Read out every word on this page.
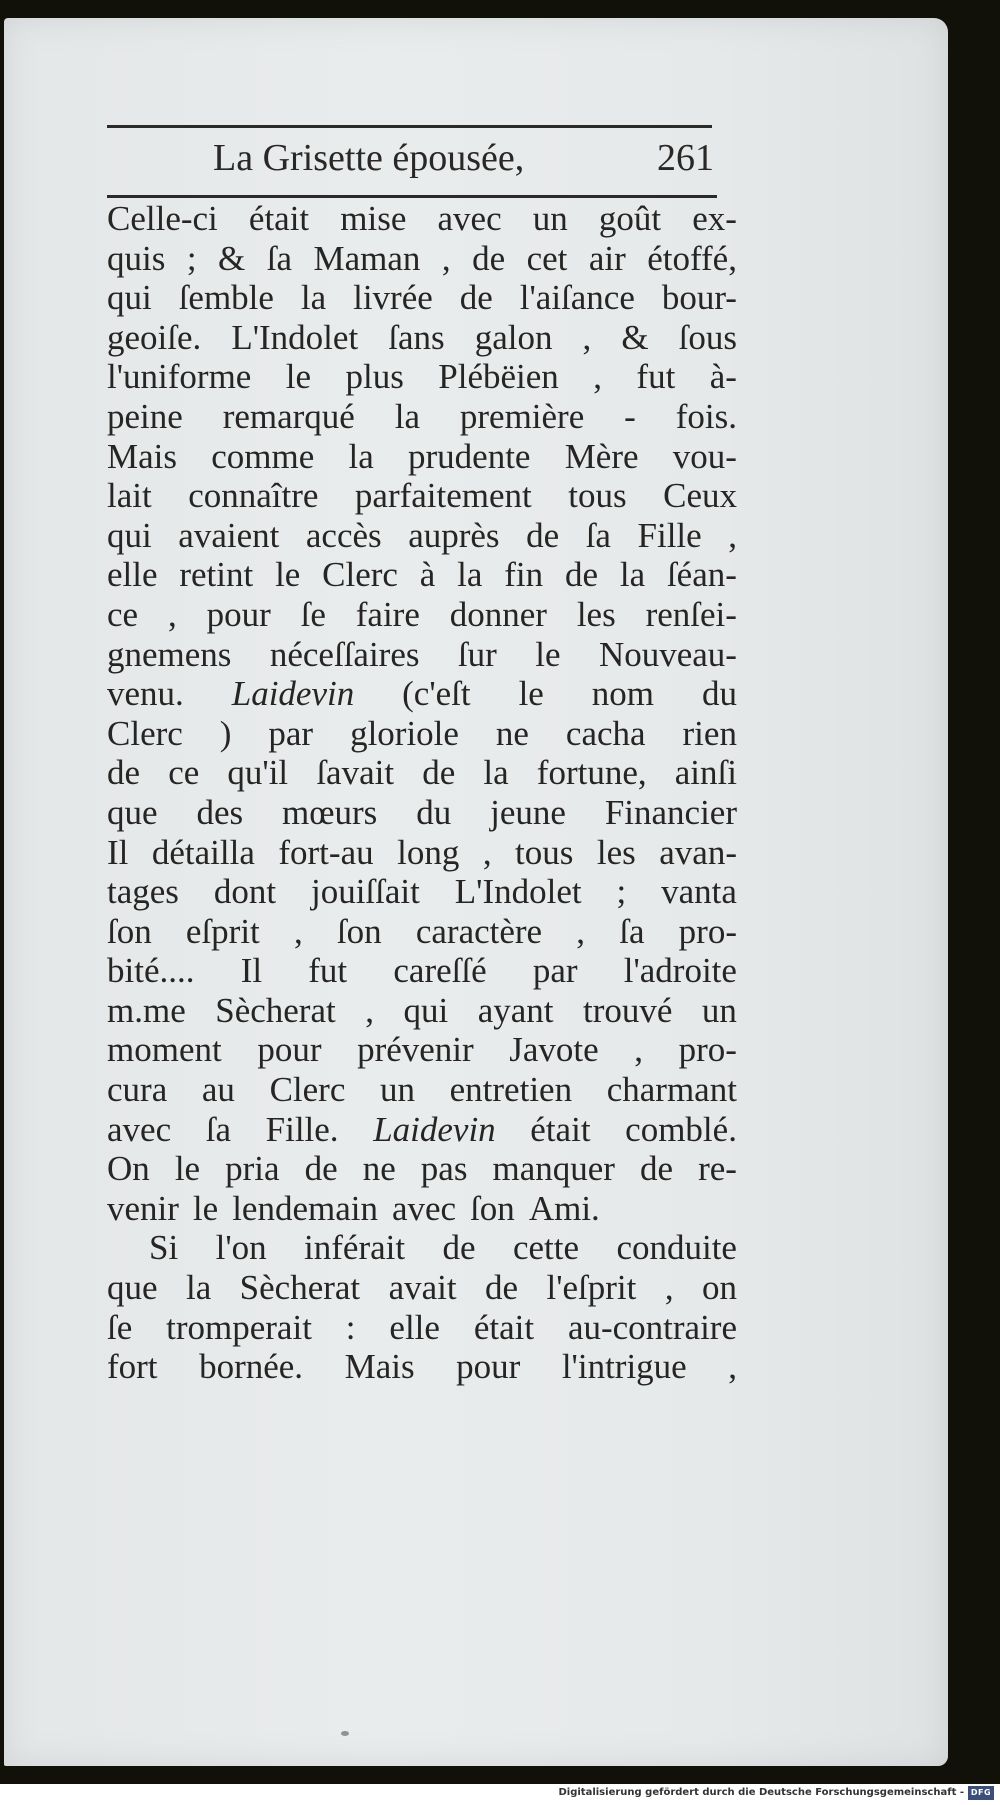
La Grisette épousée,	261
Celle-ci était mise avec un goût ex-
quis ; & ſa Maman , de cet air étoffé,
qui ſemble la livrée de l'aiſance bour-
geoiſe. L'Indolet ſans galon , & ſous
l'uniforme le plus Plébëien , fut à-
peine remarqué la première - fois.
Mais comme la prudente Mère vou-
lait connaître parfaitement tous Ceux
qui avaient accès auprès de ſa Fille ,
elle retint le Clerc à la fin de la ſéan-
ce , pour ſe faire donner les renſei-
gnemens néceſſaires ſur le Nouveau-
venu. Laidevin (c'eſt le nom du
Clerc ) par gloriole ne cacha rien
de ce qu'il ſavait de la fortune, ainſi
que des mœurs du jeune Financier
Il détailla fort-au long , tous les avan-
tages dont jouiſſait L'Indolet ; vanta
ſon eſprit , ſon caractère , ſa pro-
bité.... Il fut careſſé par l'adroite
m.me Sècherat , qui ayant trouvé un
moment pour prévenir Javote , pro-
cura au Clerc un entretien charmant
avec ſa Fille. Laidevin était comblé.
On le pria de ne pas manquer de re-
venir le lendemain avec ſon Ami.
Si l'on inférait de cette conduite
que la Sècherat avait de l'eſprit , on
ſe tromperait : elle était au-contraire
fort bornée. Mais pour l'intrigue ,
Digitalisierung gefördert durch die Deutsche Forschungsgemeinschaft - DFG
